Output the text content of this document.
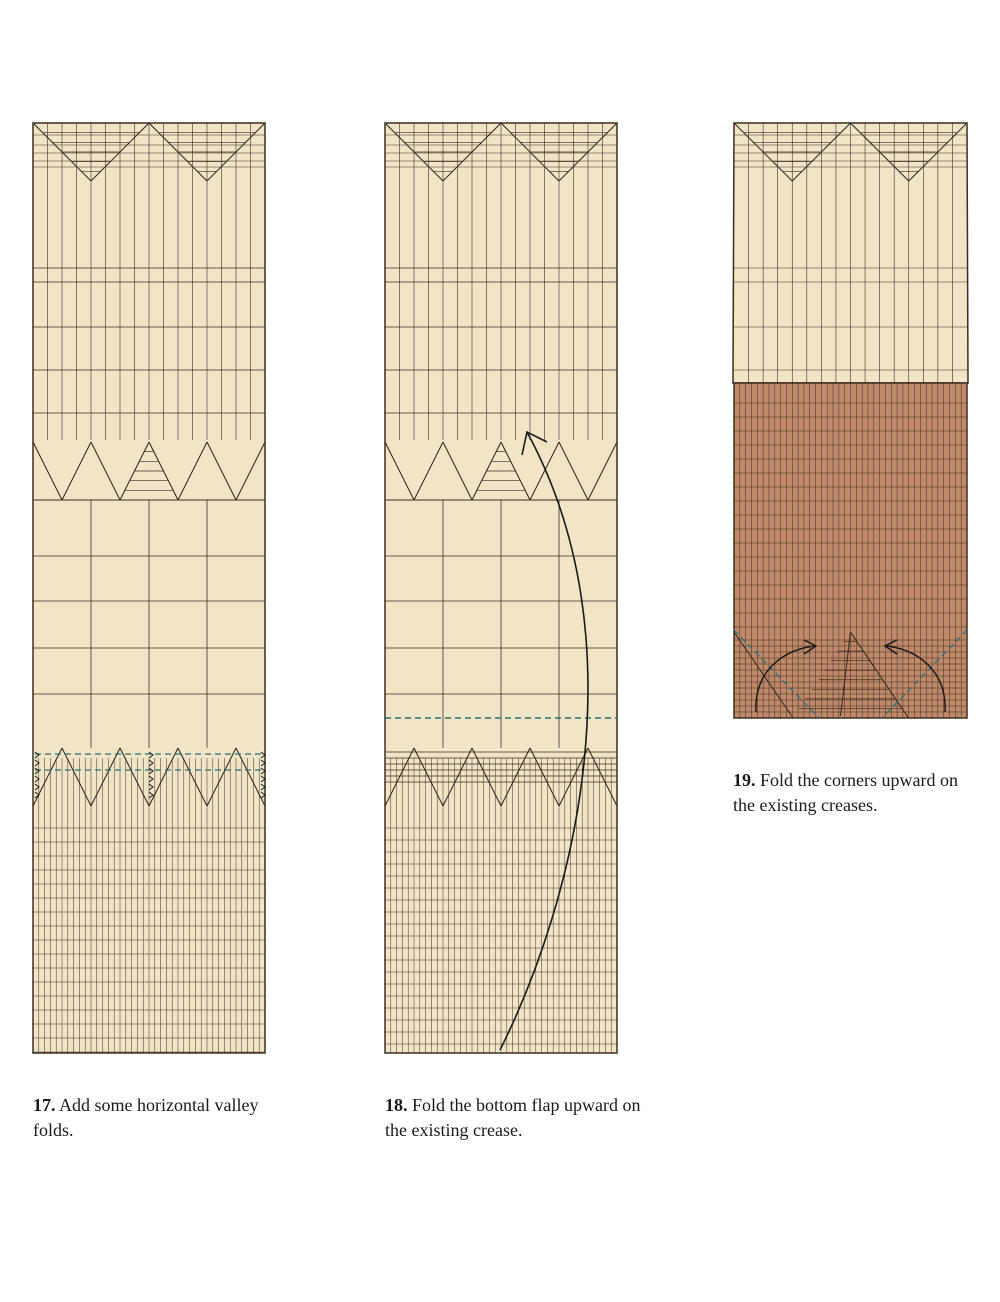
17. Add some horizontal valley folds.
18. Fold the bottom flap upward on the existing crease.
19. Fold the corners upward on the existing creases.
